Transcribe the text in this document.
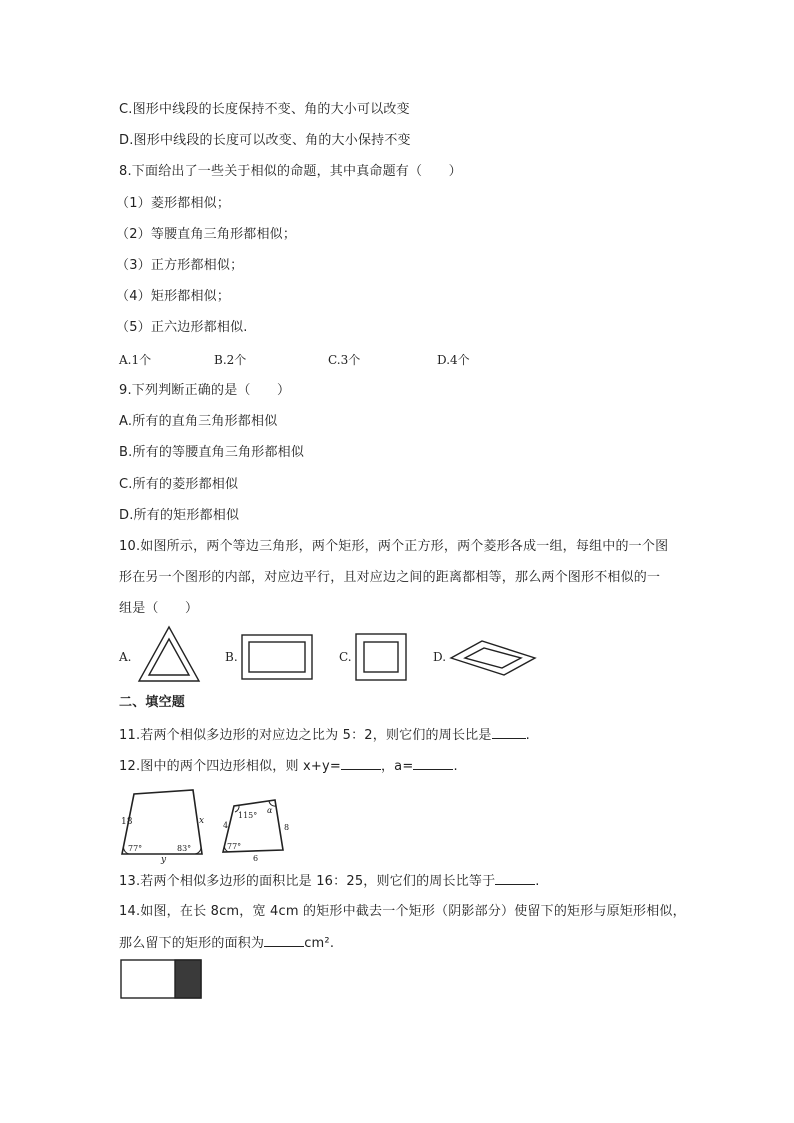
C.图形中线段的长度保持不变、角的大小可以改变
D.图形中线段的长度可以改变、角的大小保持不变
8.下面给出了一些关于相似的命题，其中真命题有（　　）
（1）菱形都相似；
（2）等腰直角三角形都相似；
（3）正方形都相似；
（4）矩形都相似；
（5）正六边形都相似.
A.1个	B.2个	C.3个	D.4个
9.下列判断正确的是（　　）
A.所有的直角三角形都相似
B.所有的等腰直角三角形都相似
C.所有的菱形都相似
D.所有的矩形都相似
10.如图所示，两个等边三角形，两个矩形，两个正方形，两个菱形各成一组，每组中的一个图
形在另一个图形的内部，对应边平行，且对应边之间的距离都相等，那么两个图形不相似的一
组是（　　）
A.	B.	C.	D.
二、填空题
11.若两个相似多边形的对应边之比为 5：2，则它们的周长比是	.
12.图中的两个四边形相似，则 x+y=	，a=	.
18	x
y
77°	83°
4	8
6
115°
α
77°
13.若两个相似多边形的面积比是 16：25，则它们的周长比等于	.
14.如图，在长 8cm，宽 4cm 的矩形中截去一个矩形（阴影部分）使留下的矩形与原矩形相似，
那么留下的矩形的面积为	cm².
